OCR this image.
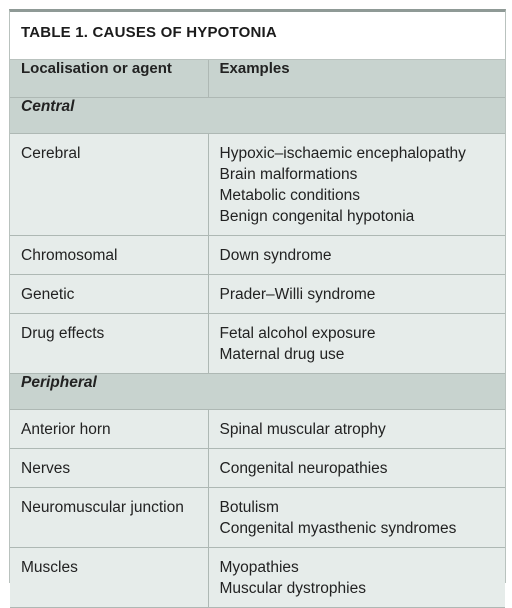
TABLE 1. CAUSES OF HYPOTONIA
Localisation or agent	Examples
Central	

Cerebral	Hypoxic–ischaemic encephalopathy
Brain malformations
Metabolic conditions
Benign congenital hypotonia

Chromosomal	Down syndrome

Genetic	Prader–Willi syndrome

Drug effects	Fetal alcohol exposure
Maternal drug use

Peripheral	

Anterior horn	Spinal muscular atrophy

Nerves	Congenital neuropathies

Neuromuscular junction	Botulism
Congenital myasthenic syndromes

Muscles	Myopathies
Muscular dystrophies
